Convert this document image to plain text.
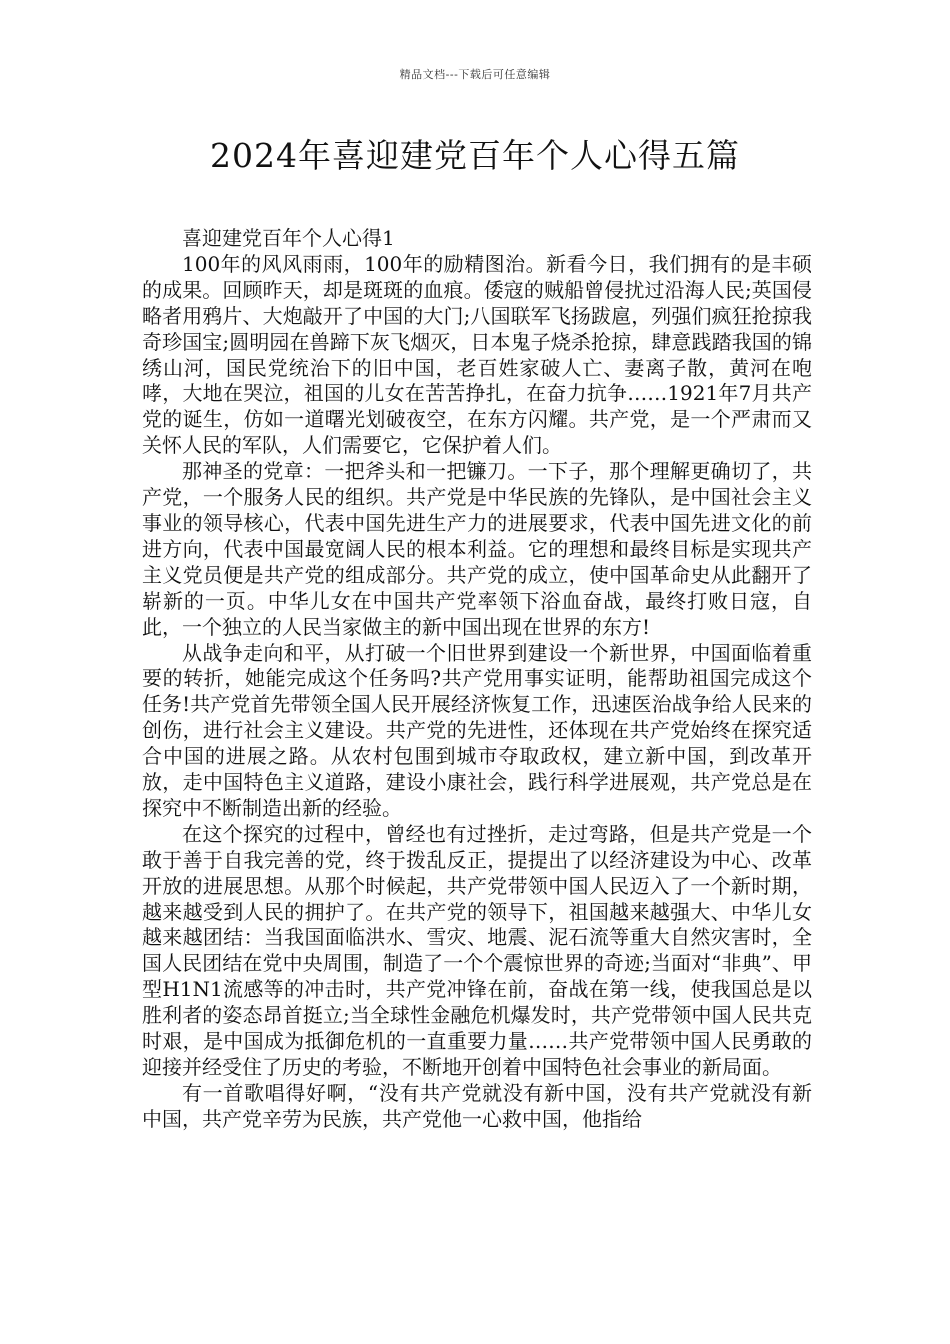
精品文档---下载后可任意编辑
2024年喜迎建党百年个人心得五篇

喜迎建党百年个人心得1

100年的风风雨雨，100年的励精图治。新看今日，我们拥有的是丰硕的成果。回顾昨天，却是斑斑的血痕。倭寇的贼船曾侵扰过沿海人民;英国侵略者用鸦片、大炮敲开了中国的大门;八国联军飞扬跋扈，列强们疯狂抢掠我奇珍国宝;圆明园在兽蹄下灰飞烟灭，日本鬼子烧杀抢掠，肆意践踏我国的锦绣山河，国民党统治下的旧中国，老百姓家破人亡、妻离子散，黄河在咆哮，大地在哭泣，祖国的儿女在苦苦挣扎，在奋力抗争……1921年7月共产党的诞生，仿如一道曙光划破夜空，在东方闪耀。共产党，是一个严肃而又关怀人民的军队，人们需要它，它保护着人们。

那神圣的党章：一把斧头和一把镰刀。一下子，那个理解更确切了，共产党，一个服务人民的组织。共产党是中华民族的先锋队，是中国社会主义事业的领导核心，代表中国先进生产力的进展要求，代表中国先进文化的前进方向，代表中国最宽阔人民的根本利益。它的理想和最终目标是实现共产主义党员便是共产党的组成部分。共产党的成立，使中国革命史从此翻开了崭新的一页。中华儿女在中国共产党率领下浴血奋战，最终打败日寇，自此，一个独立的人民当家做主的新中国出现在世界的东方!

从战争走向和平，从打破一个旧世界到建设一个新世界，中国面临着重要的转折，她能完成这个任务吗?共产党用事实证明，能帮助祖国完成这个任务!共产党首先带领全国人民开展经济恢复工作，迅速医治战争给人民来的创伤，进行社会主义建设。共产党的先进性，还体现在共产党始终在探究适合中国的进展之路。从农村包围到城市夺取政权，建立新中国，到改革开放，走中国特色主义道路，建设小康社会，践行科学进展观，共产党总是在探究中不断制造出新的经验。

在这个探究的过程中，曾经也有过挫折，走过弯路，但是共产党是一个敢于善于自我完善的党，终于拨乱反正，提提出了以经济建设为中心、改革开放的进展思想。从那个时候起，共产党带领中国人民迈入了一个新时期，越来越受到人民的拥护了。在共产党的领导下，祖国越来越强大、中华儿女越来越团结：当我国面临洪水、雪灾、地震、泥石流等重大自然灾害时，全国人民团结在党中央周围，制造了一个个震惊世界的奇迹;当面对“非典”、甲型H1N1流感等的冲击时，共产党冲锋在前，奋战在第一线，使我国总是以胜利者的姿态昂首挺立;当全球性金融危机爆发时，共产党带领中国人民共克时艰，是中国成为抵御危机的一直重要力量……共产党带领中国人民勇敢的迎接并经受住了历史的考验，不断地开创着中国特色社会事业的新局面。

有一首歌唱得好啊，“没有共产党就没有新中国，没有共产党就没有新中国，共产党辛劳为民族，共产党他一心救中国，他指给
